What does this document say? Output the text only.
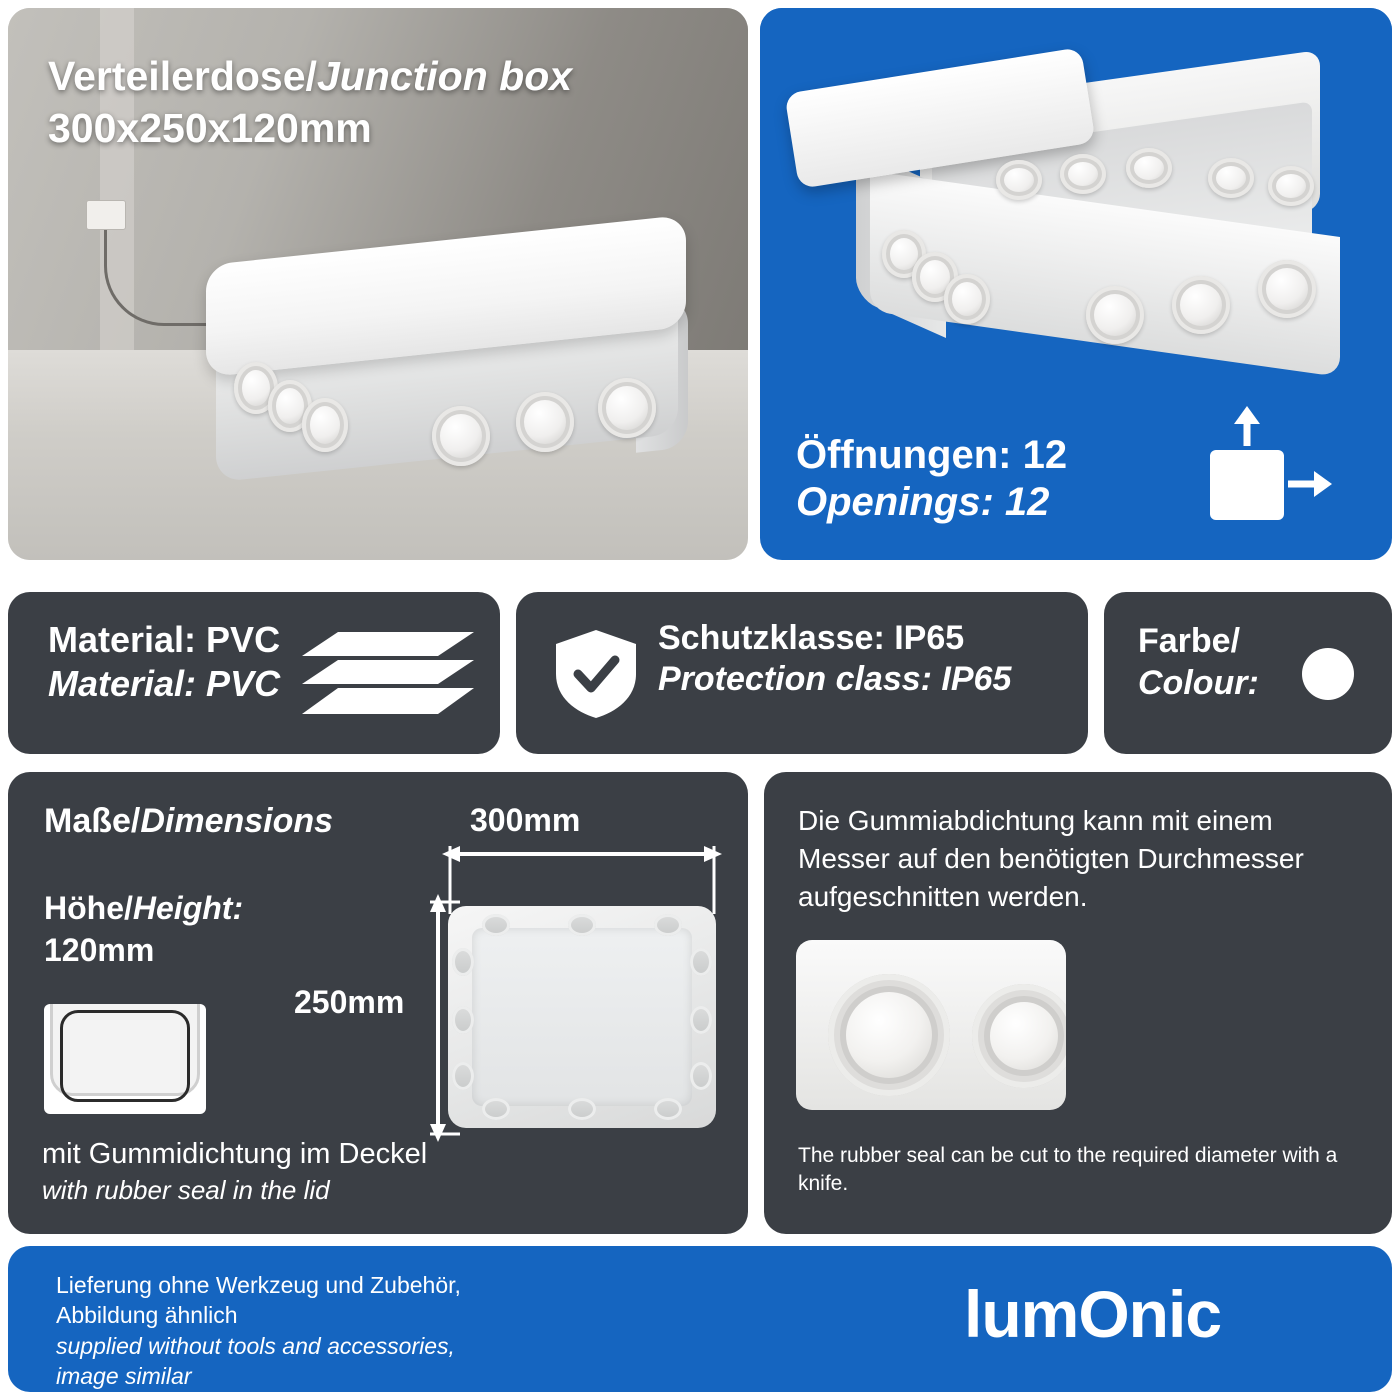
Verteilerdose/Junction box
300x250x120mm
Öffnungen: 12
Openings: 12
Material: PVC
Material: PVC
Schutzklasse: IP65
Protection class: IP65
Farbe/
Colour:
Maße/Dimensions
Höhe/Height:
120mm
mit Gummidichtung im Deckel
with rubber seal in the lid
300mm
250mm
Die Gummiabdichtung kann mit einem Messer auf den benötigten Durchmesser aufgeschnitten werden.
The rubber seal can be cut to the required diameter with a knife.
Lieferung ohne Werkzeug und Zubehör,
Abbildung ähnlich
supplied without tools and accessories,
image similar
lumOnic
